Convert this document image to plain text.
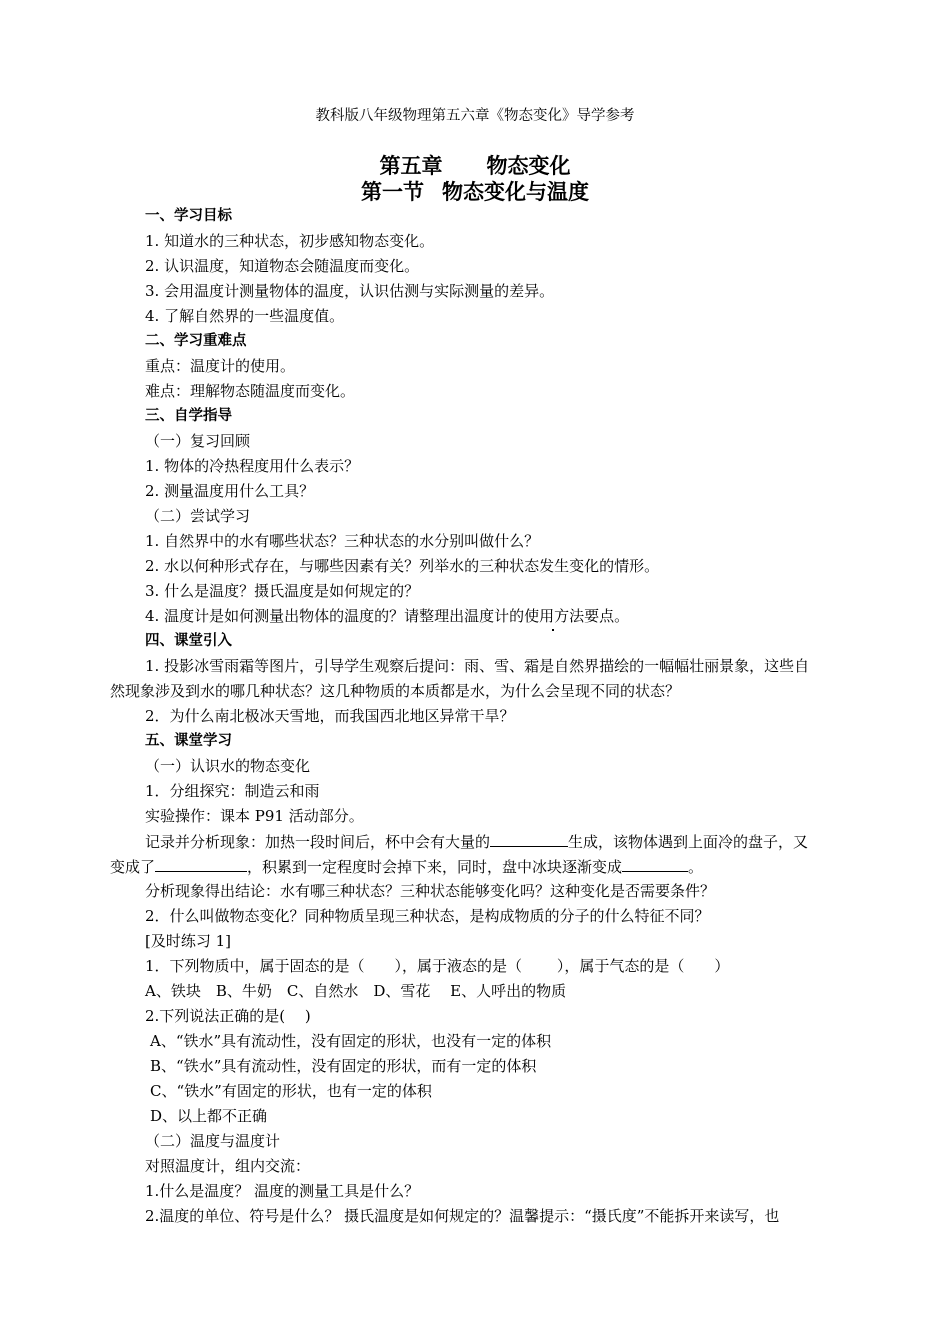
教科版八年级物理第五六章《物态变化》导学参考
第五章 物态变化
第一节 物态变化与温度
一、学习目标
1. 知道水的三种状态，初步感知物态变化。
2. 认识温度，知道物态会随温度而变化。
3. 会用温度计测量物体的温度，认识估测与实际测量的差异。
4. 了解自然界的一些温度值。
二、学习重难点
重点：温度计的使用。
难点：理解物态随温度而变化。
三、自学指导
（一）复习回顾
1. 物体的冷热程度用什么表示？
2. 测量温度用什么工具？
（二）尝试学习
1. 自然界中的水有哪些状态？三种状态的水分别叫做什么？
2. 水以何种形式存在，与哪些因素有关？列举水的三种状态发生变化的情形。
3. 什么是温度？摄氏温度是如何规定的？
4. 温度计是如何测量出物体的温度的？请整理出温度计的使用方法要点。
四、课堂引入
1. 投影冰雪雨霜等图片，引导学生观察后提问：雨、雪、霜是自然界描绘的一幅幅壮丽景象，这些自
然现象涉及到水的哪几种状态？这几种物质的本质都是水，为什么会呈现不同的状态？
2．为什么南北极冰天雪地，而我国西北地区异常干旱？
五、课堂学习
（一）认识水的物态变化
1．分组探究：制造云和雨
实验操作：课本 P91 活动部分。
记录并分析现象：加热一段时间后，杯中会有大量的	生成，该物体遇到上面冷的盘子，又
变成了	，积累到一定程度时会掉下来，同时，盘中冰块逐渐变成	。
分析现象得出结论：水有哪三种状态？三种状态能够变化吗？这种变化是否需要条件？
2．什么叫做物态变化？同种物质呈现三种状态，是构成物质的分子的什么特征不同？
[及时练习 1]
1．下列物质中，属于固态的是（　　），属于液态的是（　　 ），属于气态的是（　　）
A、铁块　B、牛奶　C、自然水　D、雪花　 E、人呼出的物质
2.下列说法正确的是(　 )
A、“铁水”具有流动性，没有固定的形状，也没有一定的体积
B、“铁水”具有流动性，没有固定的形状，而有一定的体积
C、“铁水”有固定的形状，也有一定的体积
D、以上都不正确
（二）温度与温度计
对照温度计，组内交流：
1.什么是温度？ 温度的测量工具是什么？
2.温度的单位、符号是什么？ 摄氏温度是如何规定的？温馨提示：“摄氏度”不能拆开来读写，也
